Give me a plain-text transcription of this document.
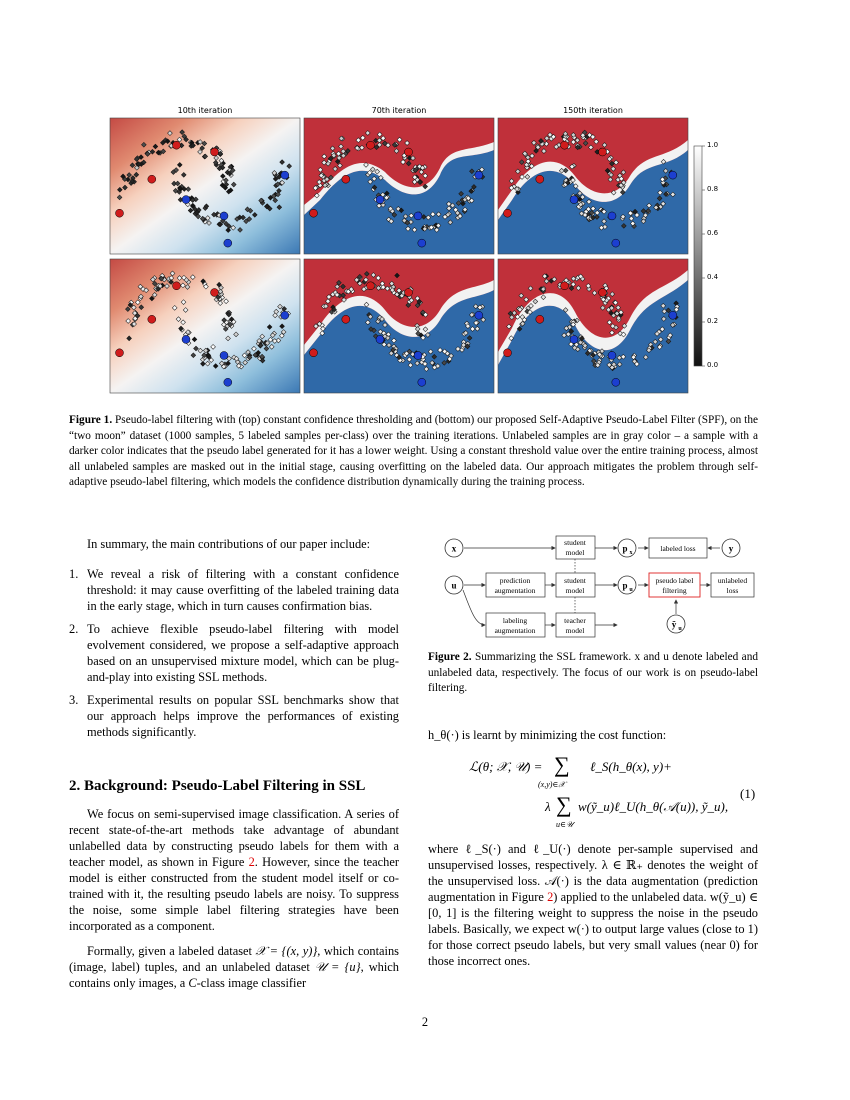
10th iteration	70th iteration	150th iteration
1.0
0.8
0.6
0.4
0.2
0.0
Figure 1. Pseudo-label filtering with (top) constant confidence thresholding and (bottom) our proposed Self-Adaptive Pseudo-Label Filter (SPF), on the “two moon” dataset (1000 samples, 5 labeled samples per-class) over the training iterations. Unlabeled samples are in gray color – a sample with a darker color indicates that the pseudo label generated for it has a lower weight. Using a constant threshold value over the entire training process, almost all unlabeled samples are masked out in the initial stage, causing overfitting on the labeled data. Our approach mitigates the problem through self-adaptive pseudo-label filtering, which models the confidence distribution dynamically during the training process.
In summary, the main contributions of our paper include:
1. We reveal a risk of filtering with a constant confidence threshold: it may cause overfitting of the labeled training data in the early stage, which in turn causes confirmation bias.
2. To achieve flexible pseudo-label filtering with model evolvement considered, we propose a self-adaptive approach based on an unsupervised mixture model, which can be plug-and-play into existing SSL methods.
3. Experimental results on popular SSL benchmarks show that our approach helps improve the performances of existing methods significantly.
2. Background: Pseudo-Label Filtering in SSL
We focus on semi-supervised image classification. A series of recent state-of-the-art methods take advantage of abundant unlabelled data by constructing pseudo labels for them with a teacher model, as shown in Figure 2. However, since the teacher model is either constructed from the student model itself or co-trained with it, the resulting pseudo labels are noisy. To suppress the noise, some simple label filtering strategies have been incorporated as a component.
Formally, given a labeled dataset 𝒳 = {(x, y)}, which contains (image, label) tuples, and an unlabeled dataset 𝒰 = {u}, which contains only images, a C-class image classifier
x
u
y
student
model
prediction
augmentation
student
model
labeling
augmentation
teacher
model
labeled loss
pseudo label
filtering
unlabeled
loss
p x
p u
ỹ u
Figure 2. Summarizing the SSL framework. x and u denote labeled and unlabeled data, respectively. The focus of our work is on pseudo-label filtering.
h_θ(·) is learnt by minimizing the cost function:
ℒ(θ; 𝒳, 𝒰) = ∑
(x,y)∈𝒳
ℓ_S(h_θ(x), y)+
λ ∑
u∈𝒰
w(ỹ_u)ℓ_U(h_θ(𝒜(u)), ỹ_u),
(1)
where ℓ_S(·) and ℓ_U(·) denote per-sample supervised and unsupervised losses, respectively. λ ∈ ℝ₊ denotes the weight of the unsupervised loss. 𝒜(·) is the data augmentation (prediction augmentation in Figure 2) applied to the unlabeled data. w(ỹ_u) ∈ [0, 1] is the filtering weight to suppress the noise in the pseudo labels. Basically, we expect w(·) to output large values (close to 1) for those correct pseudo labels, but very small values (near 0) for those incorrect ones.
2
